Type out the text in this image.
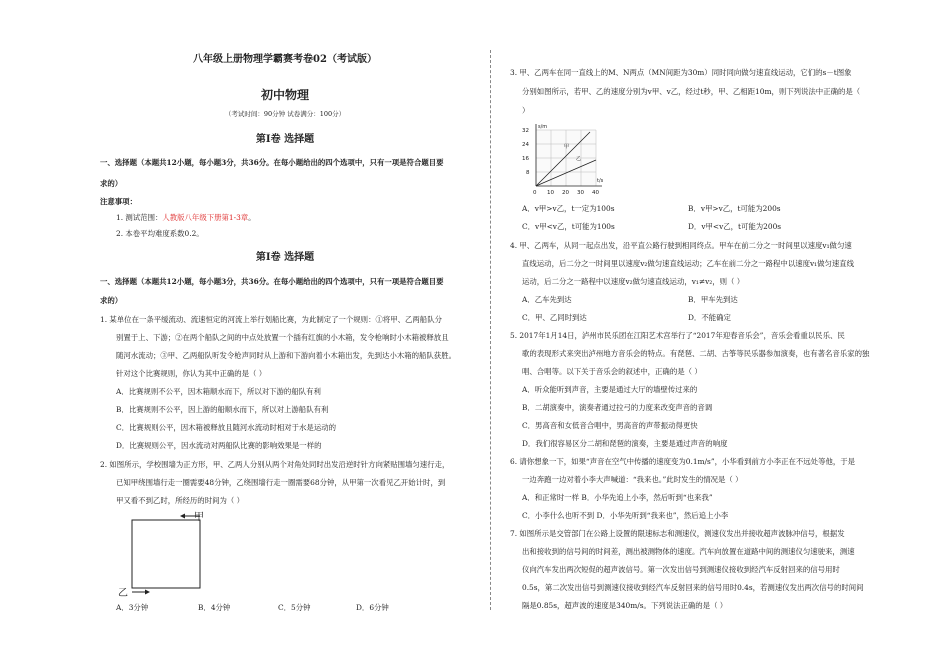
八年级上册物理学霸赛考卷02（考试版）
初中物理
（考试时间：90分钟 试卷满分：100分）
第Ⅰ卷 选择题
一、选择题（本题共12小题，每小题3分，共36分。在每小题给出的四个选项中，只有一项是符合题目要
求的）
注意事项：
1. 测试范围：人教版八年级下册第1-3章。
2. 本卷平均难度系数0.2。
第Ⅰ卷 选择题
一、选择题（本题共12小题，每小题3分，共36分。在每小题给出的四个选项中，只有一项是符合题目要
求的）
1. 某单位在一条平缓流动、流速恒定的河流上举行划船比赛，为此制定了一个规则：①将甲、乙两船队分
别置于上、下游；②在两个船队之间的中点处放置一个插有红旗的小木箱，发令枪响时小木箱被释放且
随河水流动；③甲、乙两船队听发令枪声同时从上游和下游向着小木箱出发，先到达小木箱的船队获胜。
针对这个比赛规则，你认为其中正确的是（ ）
A．比赛规则不公平，因木箱顺水而下，所以对下游的船队有利
B．比赛规则不公平，因上游的船顺水而下，所以对上游船队有利
C．比赛规则公平，因木箱被释放且随河水流动时相对于水是运动的
D．比赛规则公平，因水流动对两船队比赛的影响效果是一样的
2. 如图所示，学校围墙为正方形，甲、乙两人分别从两个对角处同时出发沿逆时针方向紧贴围墙匀速行走，
已知甲绕围墙行走一圈需要48分钟，乙绕围墙行走一圈需要68分钟，从甲第一次看见乙开始计时，到
甲又看不到乙时，所经历的时间为（ ）
甲
乙
A．3分钟	B．4分钟	C．5分钟	D．6分钟
3. 甲、乙两车在同一直线上的M、N两点（MN间距为30m）同时同向做匀速直线运动，它们的s－t图象
分别如图所示，若甲、乙的速度分别为v甲、v乙，经过t秒，甲、乙相距10m，则下列说法中正确的是（
）
s/m
t/s
32
24
16
8
0 10 20 30 40
甲
乙
A．v甲>v乙，t一定为100s	B．v甲>v乙，t可能为200s
C．v甲<v乙，t可能为100s	D．v甲<v乙，t可能为200s
4. 甲、乙两车，从同一起点出发，沿平直公路行驶到相同终点。甲车在前二分之一时间里以速度v₁做匀速
直线运动，后二分之一时间里以速度v₂做匀速直线运动；乙车在前二分之一路程中以速度v₁做匀速直线
运动，后二分之一路程中以速度v₂做匀速直线运动，v₁≠v₂，则（ ）
A．乙车先到达	B．甲车先到达
C．甲、乙同时到达	D．不能确定
5. 2017年1月14日，泸州市民乐团在江阳艺术宫举行了“2017年迎春音乐会”，音乐会看重以民乐、民
歌的表现形式来突出泸州地方音乐会的特点。有琵琶、二胡、古筝等民乐器参加演奏，也有著名音乐家的独
唱、合唱等。以下关于音乐会的叙述中，正确的是（ ）
A．听众能听到声音，主要是通过大厅的墙壁传过来的
B．二胡演奏中，演奏者通过拉弓的力度来改变声音的音调
C．男高音和女低音合唱中，男高音的声带振动得更快
D．我们很容易区分二胡和琵琶的演奏，主要是通过声音的响度
6. 请你想象一下，如果“声音在空气中传播的速度变为0.1m/s”，小华看到前方小李正在不远处等他，于是
一边奔跑一边对着小李大声喊道：“我来也。”此时发生的情况是（ ）
A．和正常时一样 B．小华先追上小李，然后听到“也来我”
C．小李什么也听不到 D．小华先听到“我来也”，然后追上小李
7. 如图所示是交管部门在公路上设置的限速标志和测速仪，测速仪发出并接收超声波脉冲信号，根据发
出和接收到的信号间的时间差，测出被测物体的速度。汽车向放置在道路中间的测速仪匀速驶来，测速
仪向汽车发出两次短促的超声波信号。第一次发出信号到测速仪接收到经汽车反射回来的信号用时
0.5s，第二次发出信号到测速仪接收到经汽车反射回来的信号用时0.4s，若测速仪发出两次信号的时间间
隔是0.85s，超声波的速度是340m/s。下列说法正确的是（ ）
